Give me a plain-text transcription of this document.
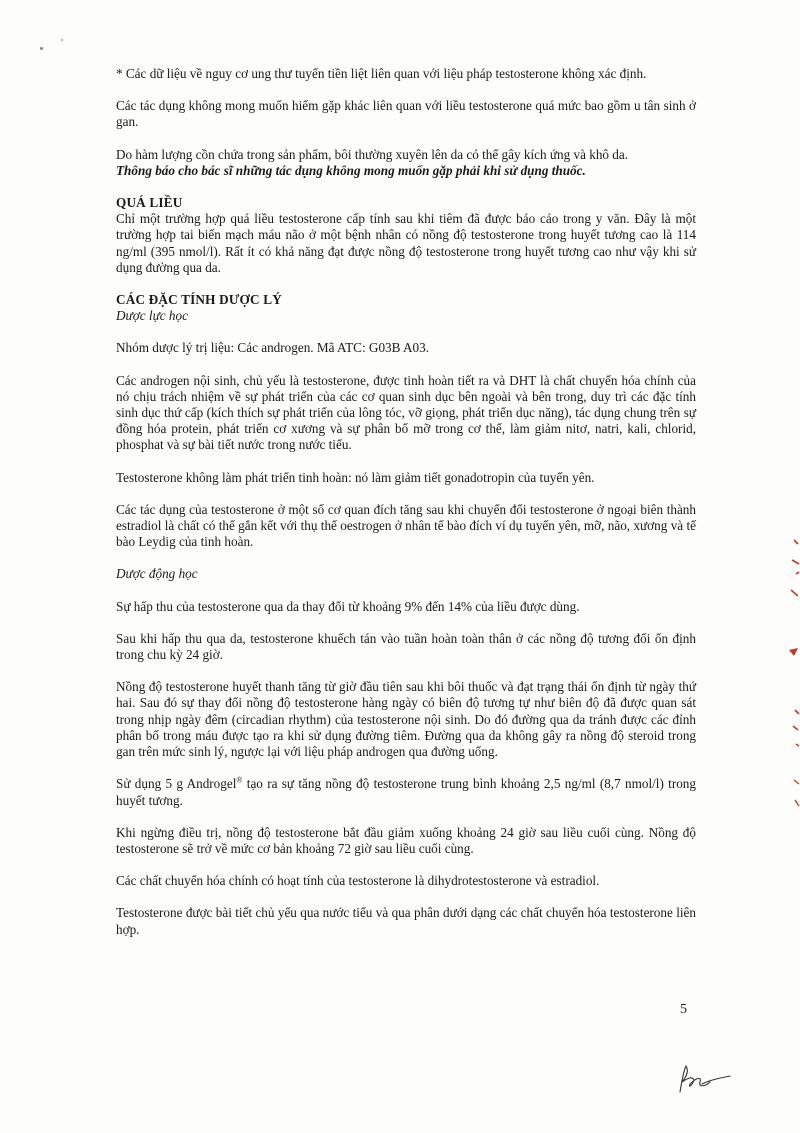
* Các dữ liệu về nguy cơ ung thư tuyến tiền liệt liên quan với liệu pháp testosterone không xác định.

Các tác dụng không mong muốn hiếm gặp khác liên quan với liều testosterone quá mức bao gồm u tân sinh ở gan.

Do hàm lượng cồn chứa trong sản phẩm, bôi thường xuyên lên da có thể gây kích ứng và khô da.

Thông báo cho bác sĩ những tác dụng không mong muốn gặp phải khi sử dụng thuốc.

QUÁ LIỀU

Chỉ một trường hợp quá liều testosterone cấp tính sau khi tiêm đã được báo cáo trong y văn. Đây là một trường hợp tai biến mạch máu não ở một bệnh nhân có nồng độ testosterone trong huyết tương cao là 114 ng/ml (395 nmol/l). Rất ít có khả năng đạt được nồng độ testosterone trong huyết tương cao như vậy khi sử dụng đường qua da.

CÁC ĐẶC TÍNH DƯỢC LÝ

Dược lực học

Nhóm dược lý trị liệu: Các androgen. Mã ATC: G03B A03.

Các androgen nội sinh, chủ yếu là testosterone, được tinh hoàn tiết ra và DHT là chất chuyển hóa chính của nó chịu trách nhiệm về sự phát triển của các cơ quan sinh dục bên ngoài và bên trong, duy trì các đặc tính sinh dục thứ cấp (kích thích sự phát triển của lông tóc, vỡ giọng, phát triển dục năng), tác dụng chung trên sự đồng hóa protein, phát triển cơ xương và sự phân bố mỡ trong cơ thể, làm giảm nitơ, natri, kali, chlorid, phosphat và sự bài tiết nước trong nước tiểu.

Testosterone không làm phát triển tinh hoàn: nó làm giảm tiết gonadotropin của tuyến yên.

Các tác dụng của testosterone ở một số cơ quan đích tăng sau khi chuyển đổi testosterone ở ngoại biên thành estradiol là chất có thể gắn kết với thụ thể oestrogen ở nhân tế bào đích ví dụ tuyến yên, mỡ, não, xương và tế bào Leydig của tinh hoàn.

Dược động học

Sự hấp thu của testosterone qua da thay đổi từ khoảng 9% đến 14% của liều được dùng.

Sau khi hấp thu qua da, testosterone khuếch tán vào tuần hoàn toàn thân ở các nồng độ tương đối ổn định trong chu kỳ 24 giờ.

Nồng độ testosterone huyết thanh tăng từ giờ đầu tiên sau khi bôi thuốc và đạt trạng thái ổn định từ ngày thứ hai. Sau đó sự thay đổi nồng độ testosterone hàng ngày có biên độ tương tự như biên độ đã được quan sát trong nhịp ngày đêm (circadian rhythm) của testosterone nội sinh. Do đó đường qua da tránh được các đỉnh phân bố trong máu được tạo ra khi sử dụng đường tiêm. Đường qua da không gây ra nồng độ steroid trong gan trên mức sinh lý, ngược lại với liệu pháp androgen qua đường uống.

Sử dụng 5 g Androgel® tạo ra sự tăng nồng độ testosterone trung bình khoảng 2,5 ng/ml (8,7 nmol/l) trong huyết tương.

Khi ngừng điều trị, nồng độ testosterone bắt đầu giảm xuống khoảng 24 giờ sau liều cuối cùng. Nồng độ testosterone sẽ trở về mức cơ bản khoảng 72 giờ sau liều cuối cùng.

Các chất chuyển hóa chính có hoạt tính của testosterone là dihydrotestosterone và estradiol.

Testosterone được bài tiết chủ yếu qua nước tiểu và qua phân dưới dạng các chất chuyển hóa testosterone liên hợp.

5
